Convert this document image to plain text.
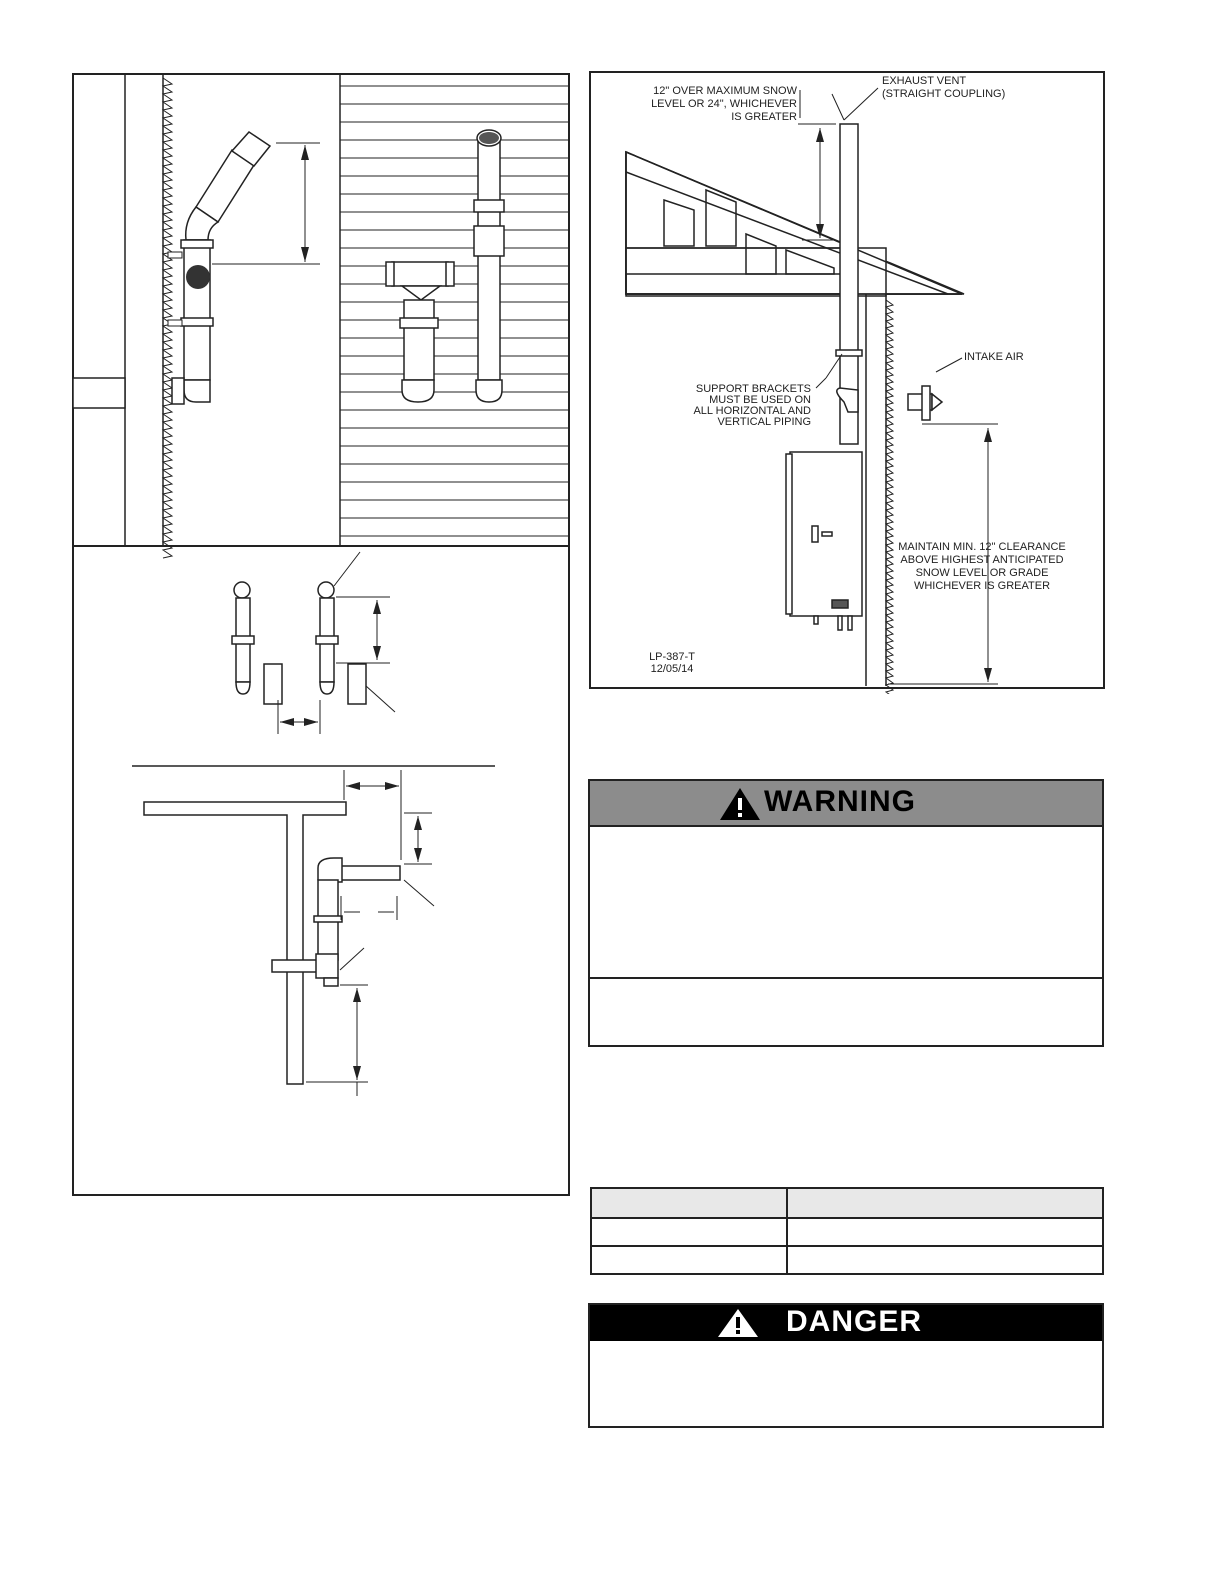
12" OVER MAXIMUM SNOW
LEVEL OR 24", WHICHEVER
IS GREATER
EXHAUST VENT
(STRAIGHT COUPLING)
SUPPORT BRACKETS
MUST BE USED ON
ALL HORIZONTAL AND
VERTICAL PIPING
INTAKE AIR
MAINTAIN MIN. 12" CLEARANCE
ABOVE HIGHEST ANTICIPATED
SNOW LEVEL OR GRADE
WHICHEVER IS GREATER
LP-387-T
12/05/14
WARNING
DANGER
